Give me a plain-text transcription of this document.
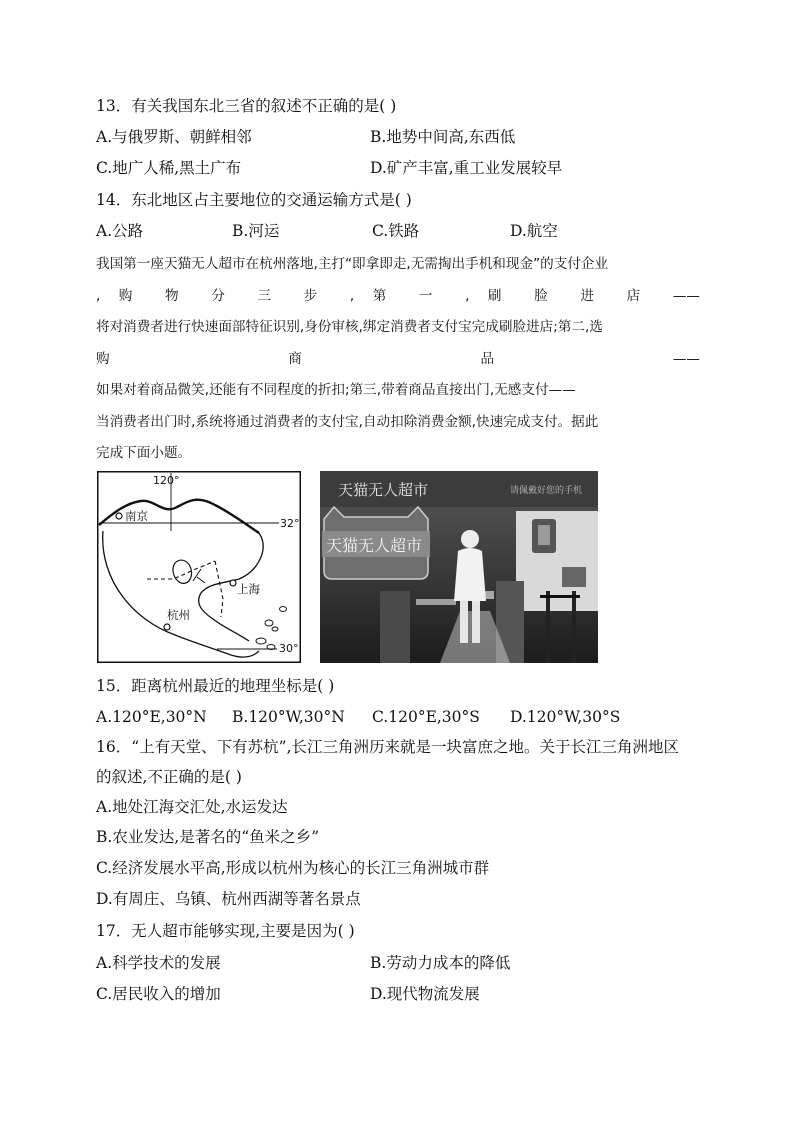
13．有关我国东北三省的叙述不正确的是( )
A.与俄罗斯、朝鲜相邻	B.地势中间高,东西低
C.地广人稀,黑土广布	D.矿产丰富,重工业发展较早
14．东北地区占主要地位的交通运输方式是( )
A.公路	B.河运	C.铁路	D.航空

我国第一座天猫无人超市在杭州落地,主打“即拿即走,无需掏出手机和现金”的支付企业

, 购 物 分 三 步 , 第 一 , 刷 脸 进 店 ——

将对消费者进行快速面部特征识别,身份审核,绑定消费者支付宝完成刷脸进店;第二,选

购 商 品 ——

如果对着商品微笑,还能有不同程度的折扣;第三,带着商品直接出门,无感支付——

当消费者出门时,系统将通过消费者的支付宝,自动扣除消费金额,快速完成支付。据此

完成下面小题。

120°
32°
30°
南京
上海
杭州
天猫无人超市	请佩戴好您的手机
天猫无人超市
15．距离杭州最近的地理坐标是( )
A.120°E,30°N B.120°W,30°N C.120°E,30°S D.120°W,30°S
16．“上有天堂、下有苏杭”,长江三角洲历来就是一块富庶之地。关于长江三角洲地区
的叙述,不正确的是( )
A.地处江海交汇处,水运发达
B.农业发达,是著名的“鱼米之乡”
C.经济发展水平高,形成以杭州为核心的长江三角洲城市群
D.有周庄、乌镇、杭州西湖等著名景点
17．无人超市能够实现,主要是因为( )
A.科学技术的发展	B.劳动力成本的降低
C.居民收入的增加	D.现代物流发展
